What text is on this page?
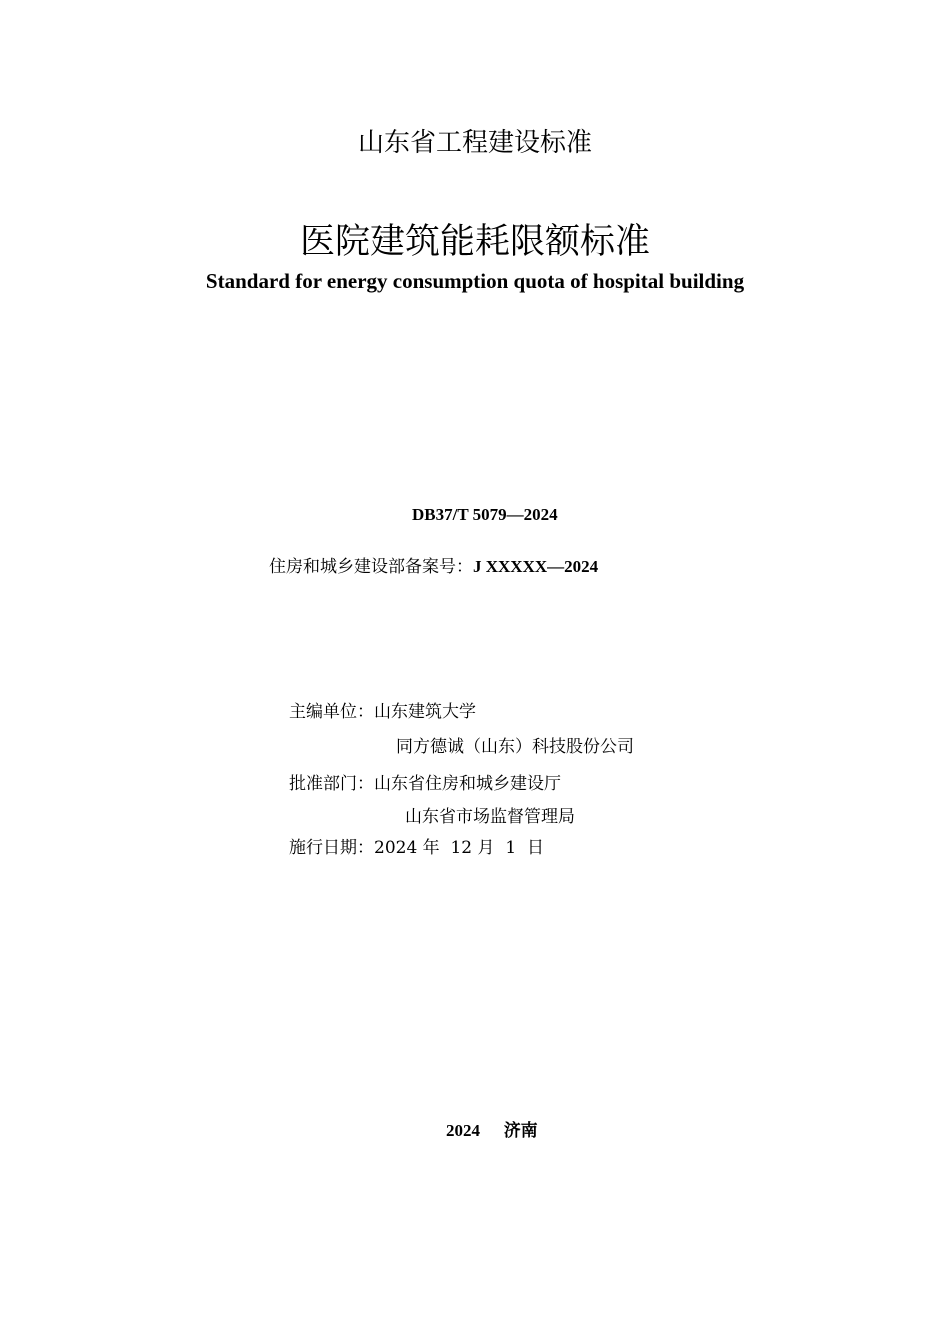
山东省工程建设标准
医院建筑能耗限额标准
Standard for energy consumption quota of hospital building
DB37/T 5079—2024
住房和城乡建设部备案号：J XXXXX—2024
主编单位：山东建筑大学
同方德诚（山东）科技股份公司
批准部门：山东省住房和城乡建设厅
山东省市场监督管理局
施行日期：2024 年  12 月  1  日
2024 济南
